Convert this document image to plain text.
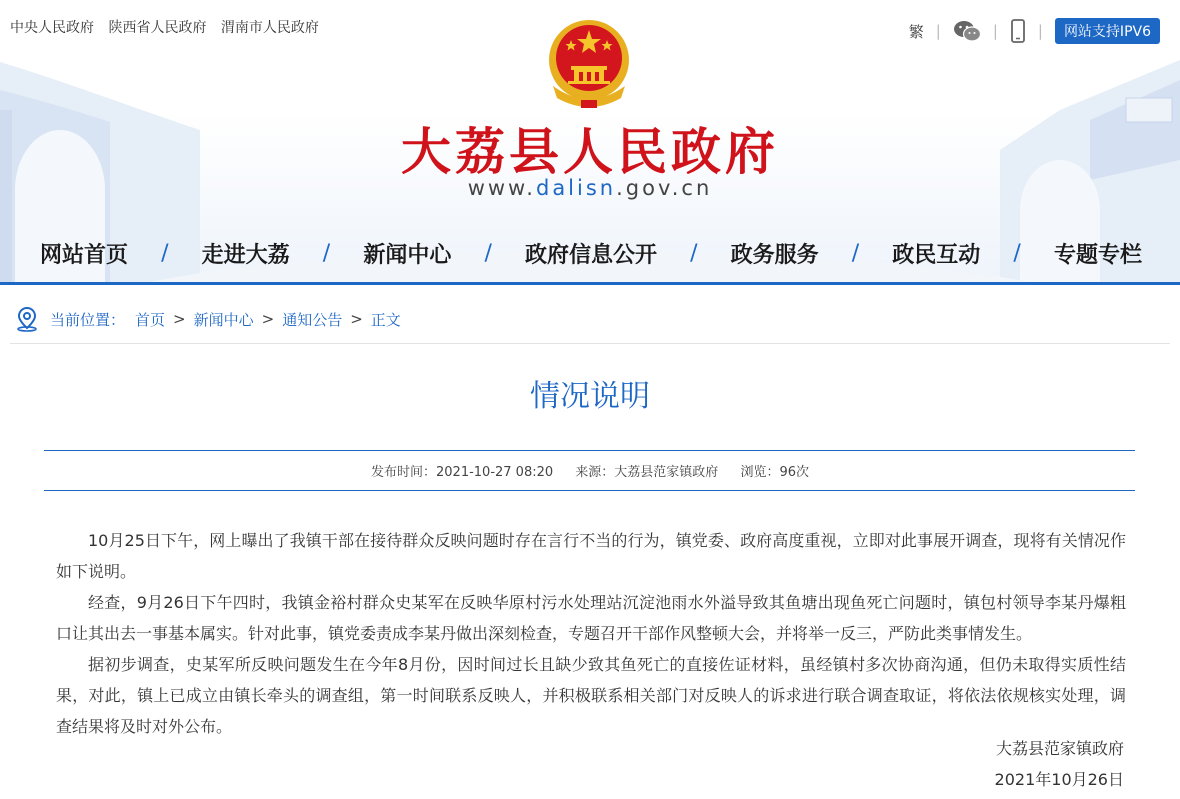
中央人民政府 陕西省人民政府 渭南市人民政府	繁 |	|	|	网站支持IPV6
大荔县人民政府
www.dalisn.gov.cn
网站首页 / 走进大荔 / 新闻中心 / 政府信息公开 / 政务服务 / 政民互动 / 专题专栏
当前位置： 首页 > 新闻中心 > 通知公告 > 正文
情况说明
发布时间：2021-10-27 08:20 来源：大荔县范家镇政府 浏览：96次

10月25日下午，网上曝出了我镇干部在接待群众反映问题时存在言行不当的行为，镇党委、政府高度重视，立即对此事展开调查，现将有关情况作如下说明。

经查，9月26日下午四时，我镇金裕村群众史某军在反映华原村污水处理站沉淀池雨水外溢导致其鱼塘出现鱼死亡问题时，镇包村领导李某丹爆粗口让其出去一事基本属实。针对此事，镇党委责成李某丹做出深刻检查，专题召开干部作风整顿大会，并将举一反三，严防此类事情发生。

据初步调查，史某军所反映问题发生在今年8月份，因时间过长且缺少致其鱼死亡的直接佐证材料，虽经镇村多次协商沟通，但仍未取得实质性结果，对此，镇上已成立由镇长牵头的调查组，第一时间联系反映人，并积极联系相关部门对反映人的诉求进行联合调查取证，将依法依规核实处理，调查结果将及时对外公布。

大荔县范家镇政府
2021年10月26日
